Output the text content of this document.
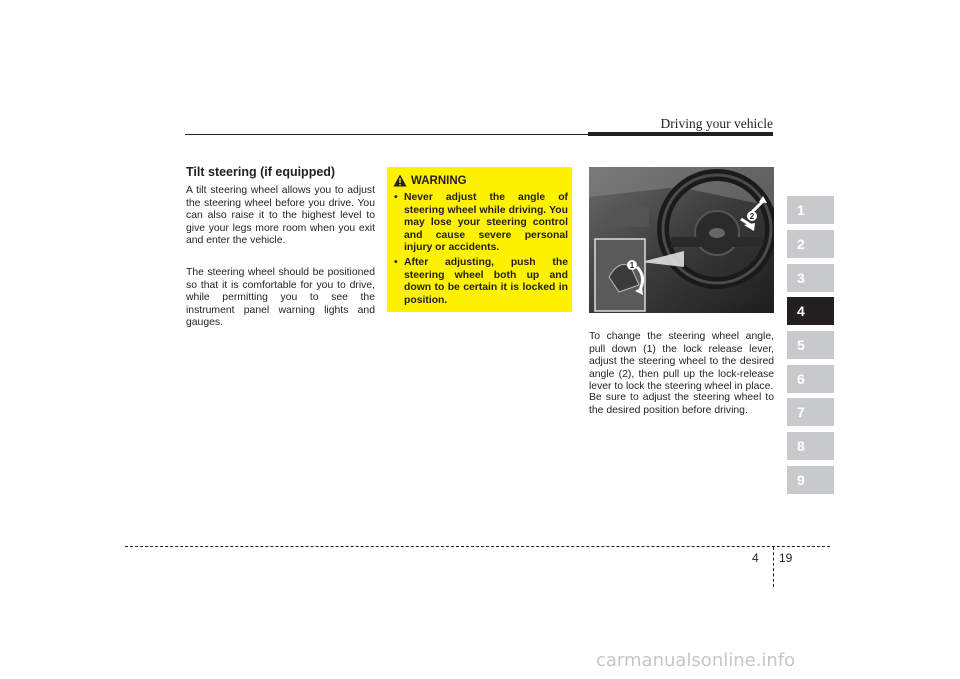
Driving your vehicle
Tilt steering (if equipped)

A tilt steering wheel allows you to adjust the steering wheel before you drive. You can also raise it to the highest level to give your legs more room when you exit and enter the vehicle.

The steering wheel should be positioned so that it is comfortable for you to drive, while permitting you to see the instrument panel warning lights and gauges.

WARNING
• Never adjust the angle of steering wheel while driving. You may lose your steering control and cause severe personal injury or accidents.
• After adjusting, push the steering wheel both up and down to be certain it is locked in position.
2
1
OLD026076

To change the steering wheel angle, pull down (1) the lock release lever, adjust the steering wheel to the desired angle (2), then pull up the lock-release lever to lock the steering wheel in place.

Be sure to adjust the steering wheel to the desired position before driving.

1
2
3
4
5
6
7
8
9
4 19
carmanualsonline.info
